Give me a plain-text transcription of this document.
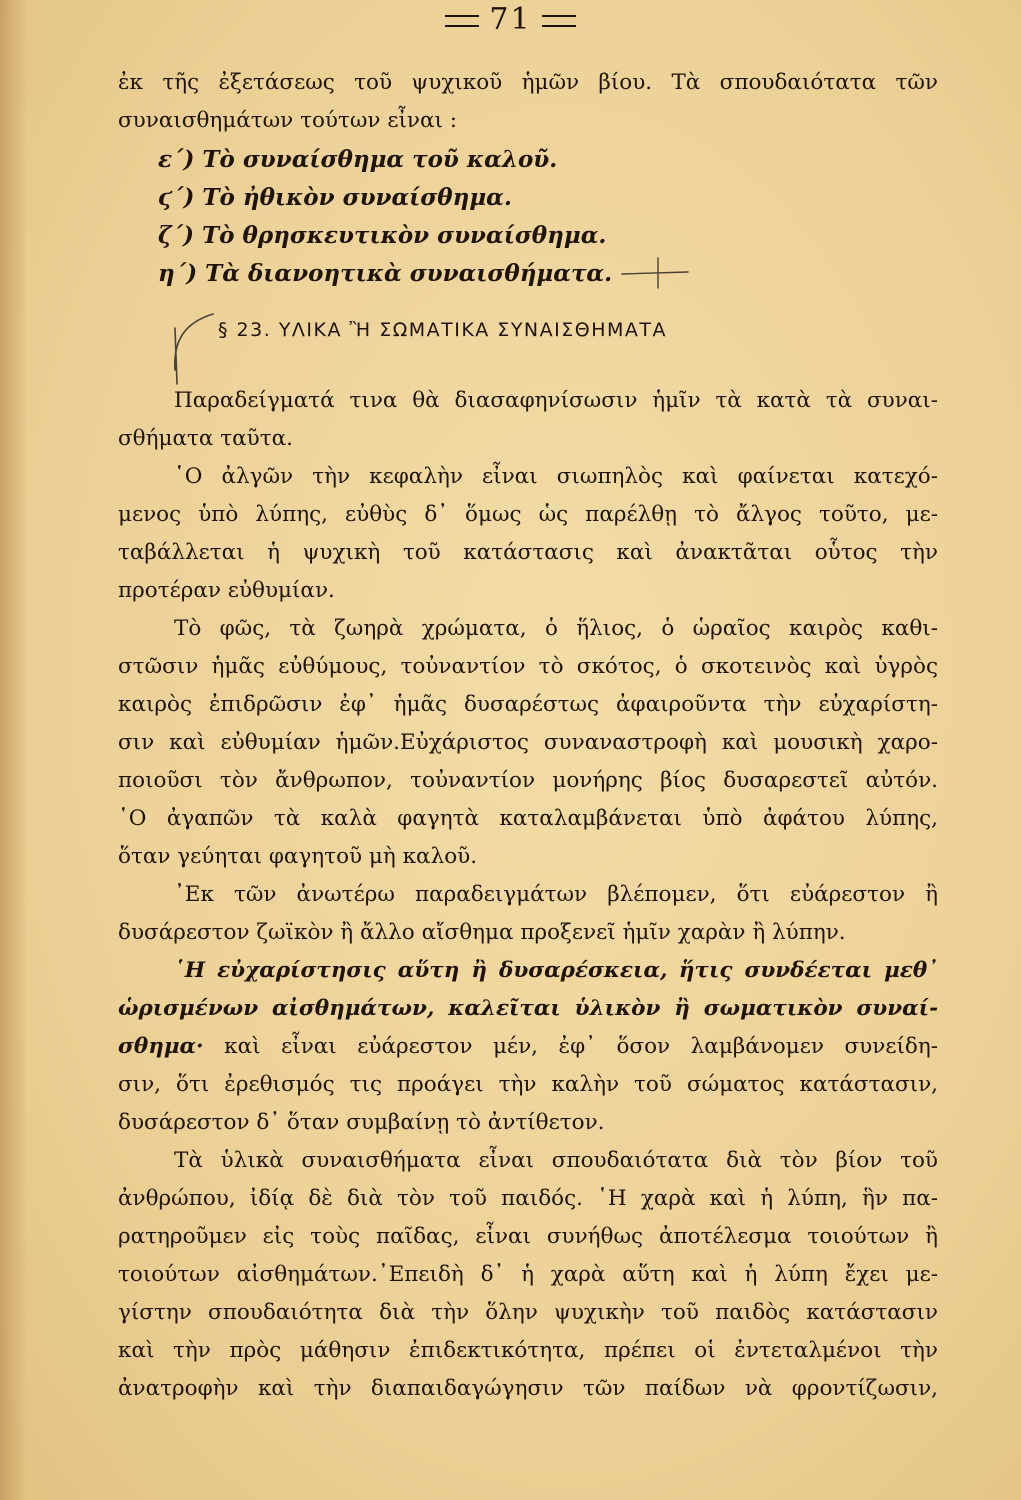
71
ἐκ τῆς ἐξετάσεως τοῦ ψυχικοῦ ἡμῶν βίου. Τὰ σπουδαιότατα τῶν
συναισθημάτων τούτων εἶναι :
ε΄) Τὸ συναίσθημα τοῦ καλοῦ.
ϛ΄) Τὸ ἠθικὸν συναίσθημα.
ζ΄) Τὸ θρησκευτικὸν συναίσθημα.
η΄) Τὰ διανοητικὰ συναισθήματα.
§ 23. ΥΛΙΚΑ Ἢ ΣΩΜΑΤΙΚΑ ΣΥΝΑΙΣΘΗΜΑΤΑ
Παραδείγματά τινα θὰ διασαφηνίσωσιν ἡμῖν τὰ κατὰ τὰ συναι-
σθήματα ταῦτα.
῾Ο ἀλγῶν τὴν κεφαλὴν εἶναι σιωπηλὸς καὶ φαίνεται κατεχό-
μενος ὑπὸ λύπης, εὐθὺς δ᾽ ὅμως ὡς παρέλθῃ τὸ ἄλγος τοῦτο, με-
ταβάλλεται ἡ ψυχικὴ τοῦ κατάστασις καὶ ἀνακτᾶται οὗτος τὴν
προτέραν εὐθυμίαν.
Τὸ φῶς, τὰ ζωηρὰ χρώματα, ὁ ἥλιος, ὁ ὡραῖος καιρὸς καθι-
στῶσιν ἡμᾶς εὐθύμους, τοὐναντίον τὸ σκότος, ὁ σκοτεινὸς καὶ ὑγρὸς
καιρὸς ἐπιδρῶσιν ἐφ᾽ ἡμᾶς δυσαρέστως ἀφαιροῦντα τὴν εὐχαρίστη-
σιν καὶ εὐθυμίαν ἡμῶν.Εὐχάριστος συναναστροφὴ καὶ μουσικὴ χαρο-
ποιοῦσι τὸν ἄνθρωπον, τοὐναντίον μονήρης βίος δυσαρεστεῖ αὐτόν.
῾Ο ἀγαπῶν τὰ καλὰ φαγητὰ καταλαμβάνεται ὑπὸ ἀφάτου λύπης,
ὅταν γεύηται φαγητοῦ μὴ καλοῦ.
᾽Εκ τῶν ἀνωτέρω παραδειγμάτων βλέπομεν, ὅτι εὐάρεστον ἢ
δυσάρεστον ζωϊκὸν ἢ ἄλλο αἴσθημα προξενεῖ ἡμῖν χαρὰν ἢ λύπην.
῾Η εὐχαρίστησις αὕτη ἢ δυσαρέσκεια, ἥτις συνδέεται μεθ᾽
ὡρισμένων αἰσθημάτων, καλεῖται ὑλικὸν ἢ σωματικὸν συναί-
σθημα· καὶ εἶναι εὐάρεστον μέν, ἐφ᾽ ὅσον λαμβάνομεν συνείδη-
σιν, ὅτι ἐρεθισμός τις προάγει τὴν καλὴν τοῦ σώματος κατάστασιν,
δυσάρεστον δ᾽ ὅταν συμβαίνῃ τὸ ἀντίθετον.
Τὰ ὑλικὰ συναισθήματα εἶναι σπουδαιότατα διὰ τὸν βίον τοῦ
ἀνθρώπου, ἰδίᾳ δὲ διὰ τὸν τοῦ παιδός. ῾Η χαρὰ καὶ ἡ λύπη, ἣν πα-
ρατηροῦμεν εἰς τοὺς παῖδας, εἶναι συνήθως ἀποτέλεσμα τοιούτων ἢ
τοιούτων αἰσθημάτων.᾽Επειδὴ δ᾽ ἡ χαρὰ αὕτη καὶ ἡ λύπη ἔχει με-
γίστην σπουδαιότητα διὰ τὴν ὅλην ψυχικὴν τοῦ παιδὸς κατάστασιν
καὶ τὴν πρὸς μάθησιν ἐπιδεκτικότητα, πρέπει οἱ ἐντεταλμένοι τὴν
ἀνατροφὴν καὶ τὴν διαπαιδαγώγησιν τῶν παίδων νὰ φροντίζωσιν,
